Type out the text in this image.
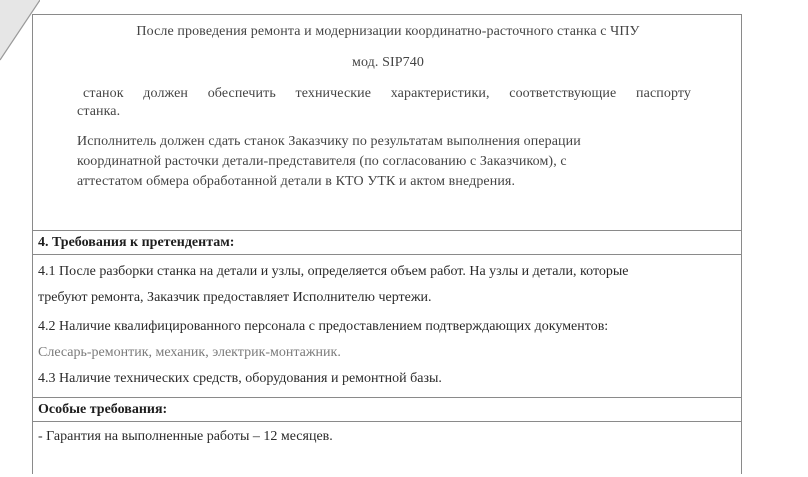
После проведения ремонта и модернизации координатно-расточного станка с ЧПУ
мод. SIP740
станок должен обеспечить технические характеристики, соответствующие паспорту
станка.
Исполнитель должен сдать станок Заказчику по результатам выполнения операции
координатной расточки детали-представителя (по согласованию с Заказчиком), с
аттестатом обмера обработанной детали в КТО УТК и актом внедрения.
4. Требования к претендентам:
4.1 После разборки станка на детали и узлы, определяется объем работ. На узлы и детали, которые
требуют ремонта, Заказчик предоставляет Исполнителю чертежи.
4.2 Наличие квалифицированного персонала с предоставлением подтверждающих документов:
Слесарь-ремонтик, механик, электрик-монтажник.
4.3 Наличие технических средств, оборудования и ремонтной базы.
Особые требования:
- Гарантия на выполненные работы – 12 месяцев.
